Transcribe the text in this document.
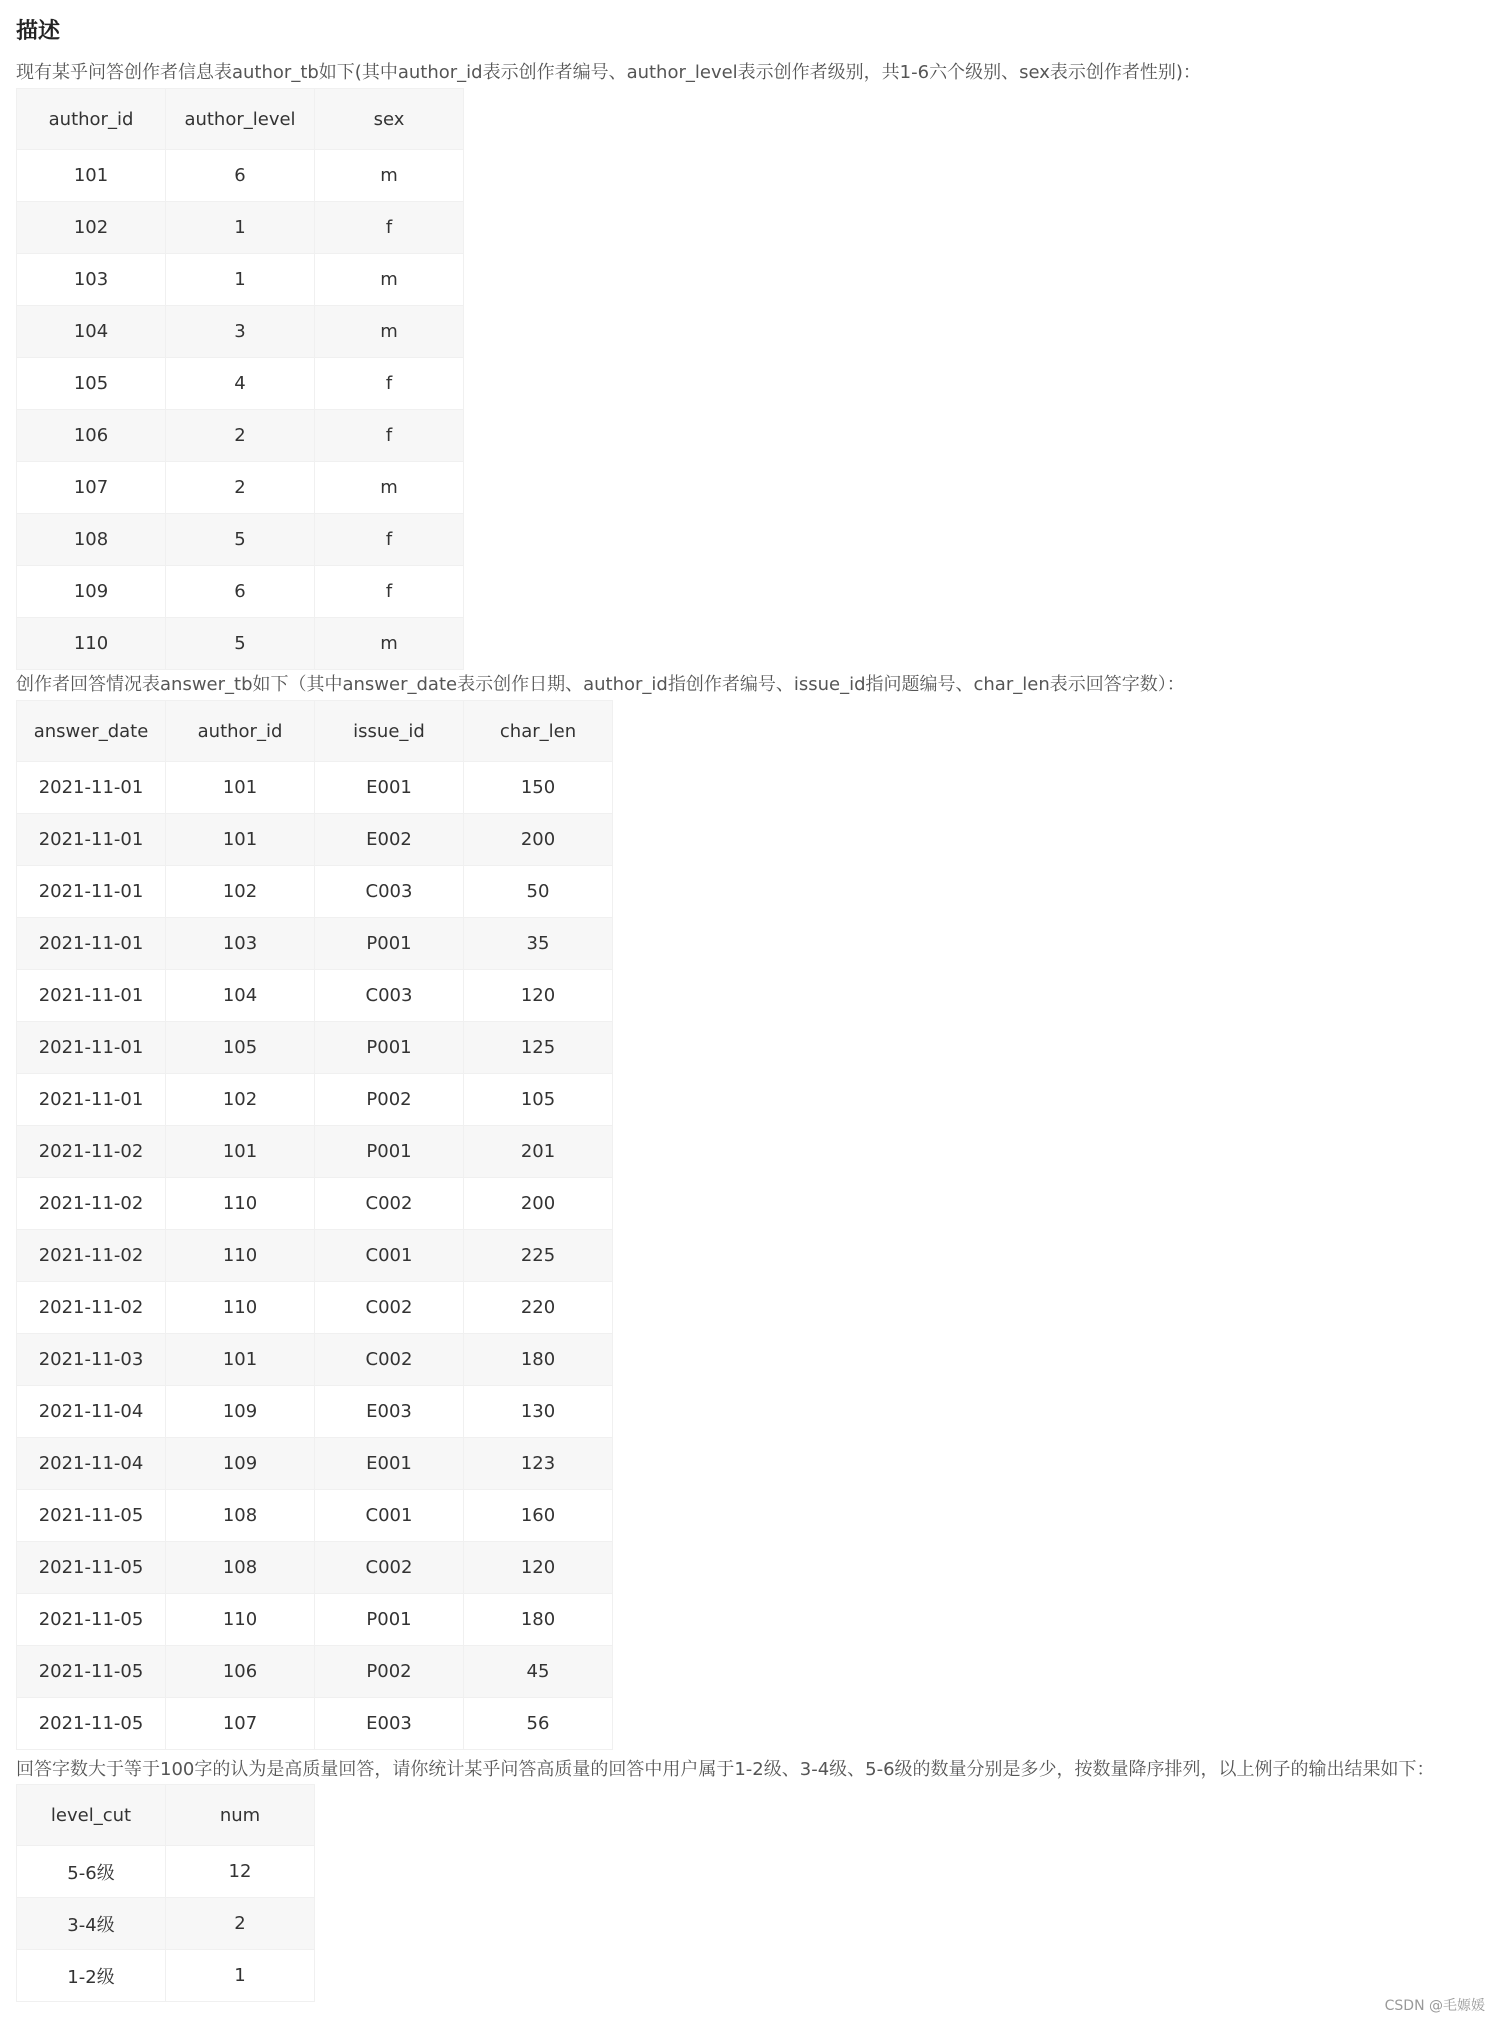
描述

现有某乎问答创作者信息表author_tb如下(其中author_id表示创作者编号、author_level表示创作者级别，共1-6六个级别、sex表示创作者性别)：

author_id	author_level	sex
101	6	m
102	1	f
103	1	m
104	3	m
105	4	f
106	2	f
107	2	m
108	5	f
109	6	f
110	5	m

创作者回答情况表answer_tb如下（其中answer_date表示创作日期、author_id指创作者编号、issue_id指问题编号、char_len表示回答字数）：

answer_date	author_id	issue_id	char_len
2021-11-01	101	E001	150
2021-11-01	101	E002	200
2021-11-01	102	C003	50
2021-11-01	103	P001	35
2021-11-01	104	C003	120
2021-11-01	105	P001	125
2021-11-01	102	P002	105
2021-11-02	101	P001	201
2021-11-02	110	C002	200
2021-11-02	110	C001	225
2021-11-02	110	C002	220
2021-11-03	101	C002	180
2021-11-04	109	E003	130
2021-11-04	109	E001	123
2021-11-05	108	C001	160
2021-11-05	108	C002	120
2021-11-05	110	P001	180
2021-11-05	106	P002	45
2021-11-05	107	E003	56

回答字数大于等于100字的认为是高质量回答，请你统计某乎问答高质量的回答中用户属于1-2级、3-4级、5-6级的数量分别是多少，按数量降序排列，以上例子的输出结果如下：

level_cut	num
5-6级	12
3-4级	2
1-2级	1

CSDN @毛嫄媛
